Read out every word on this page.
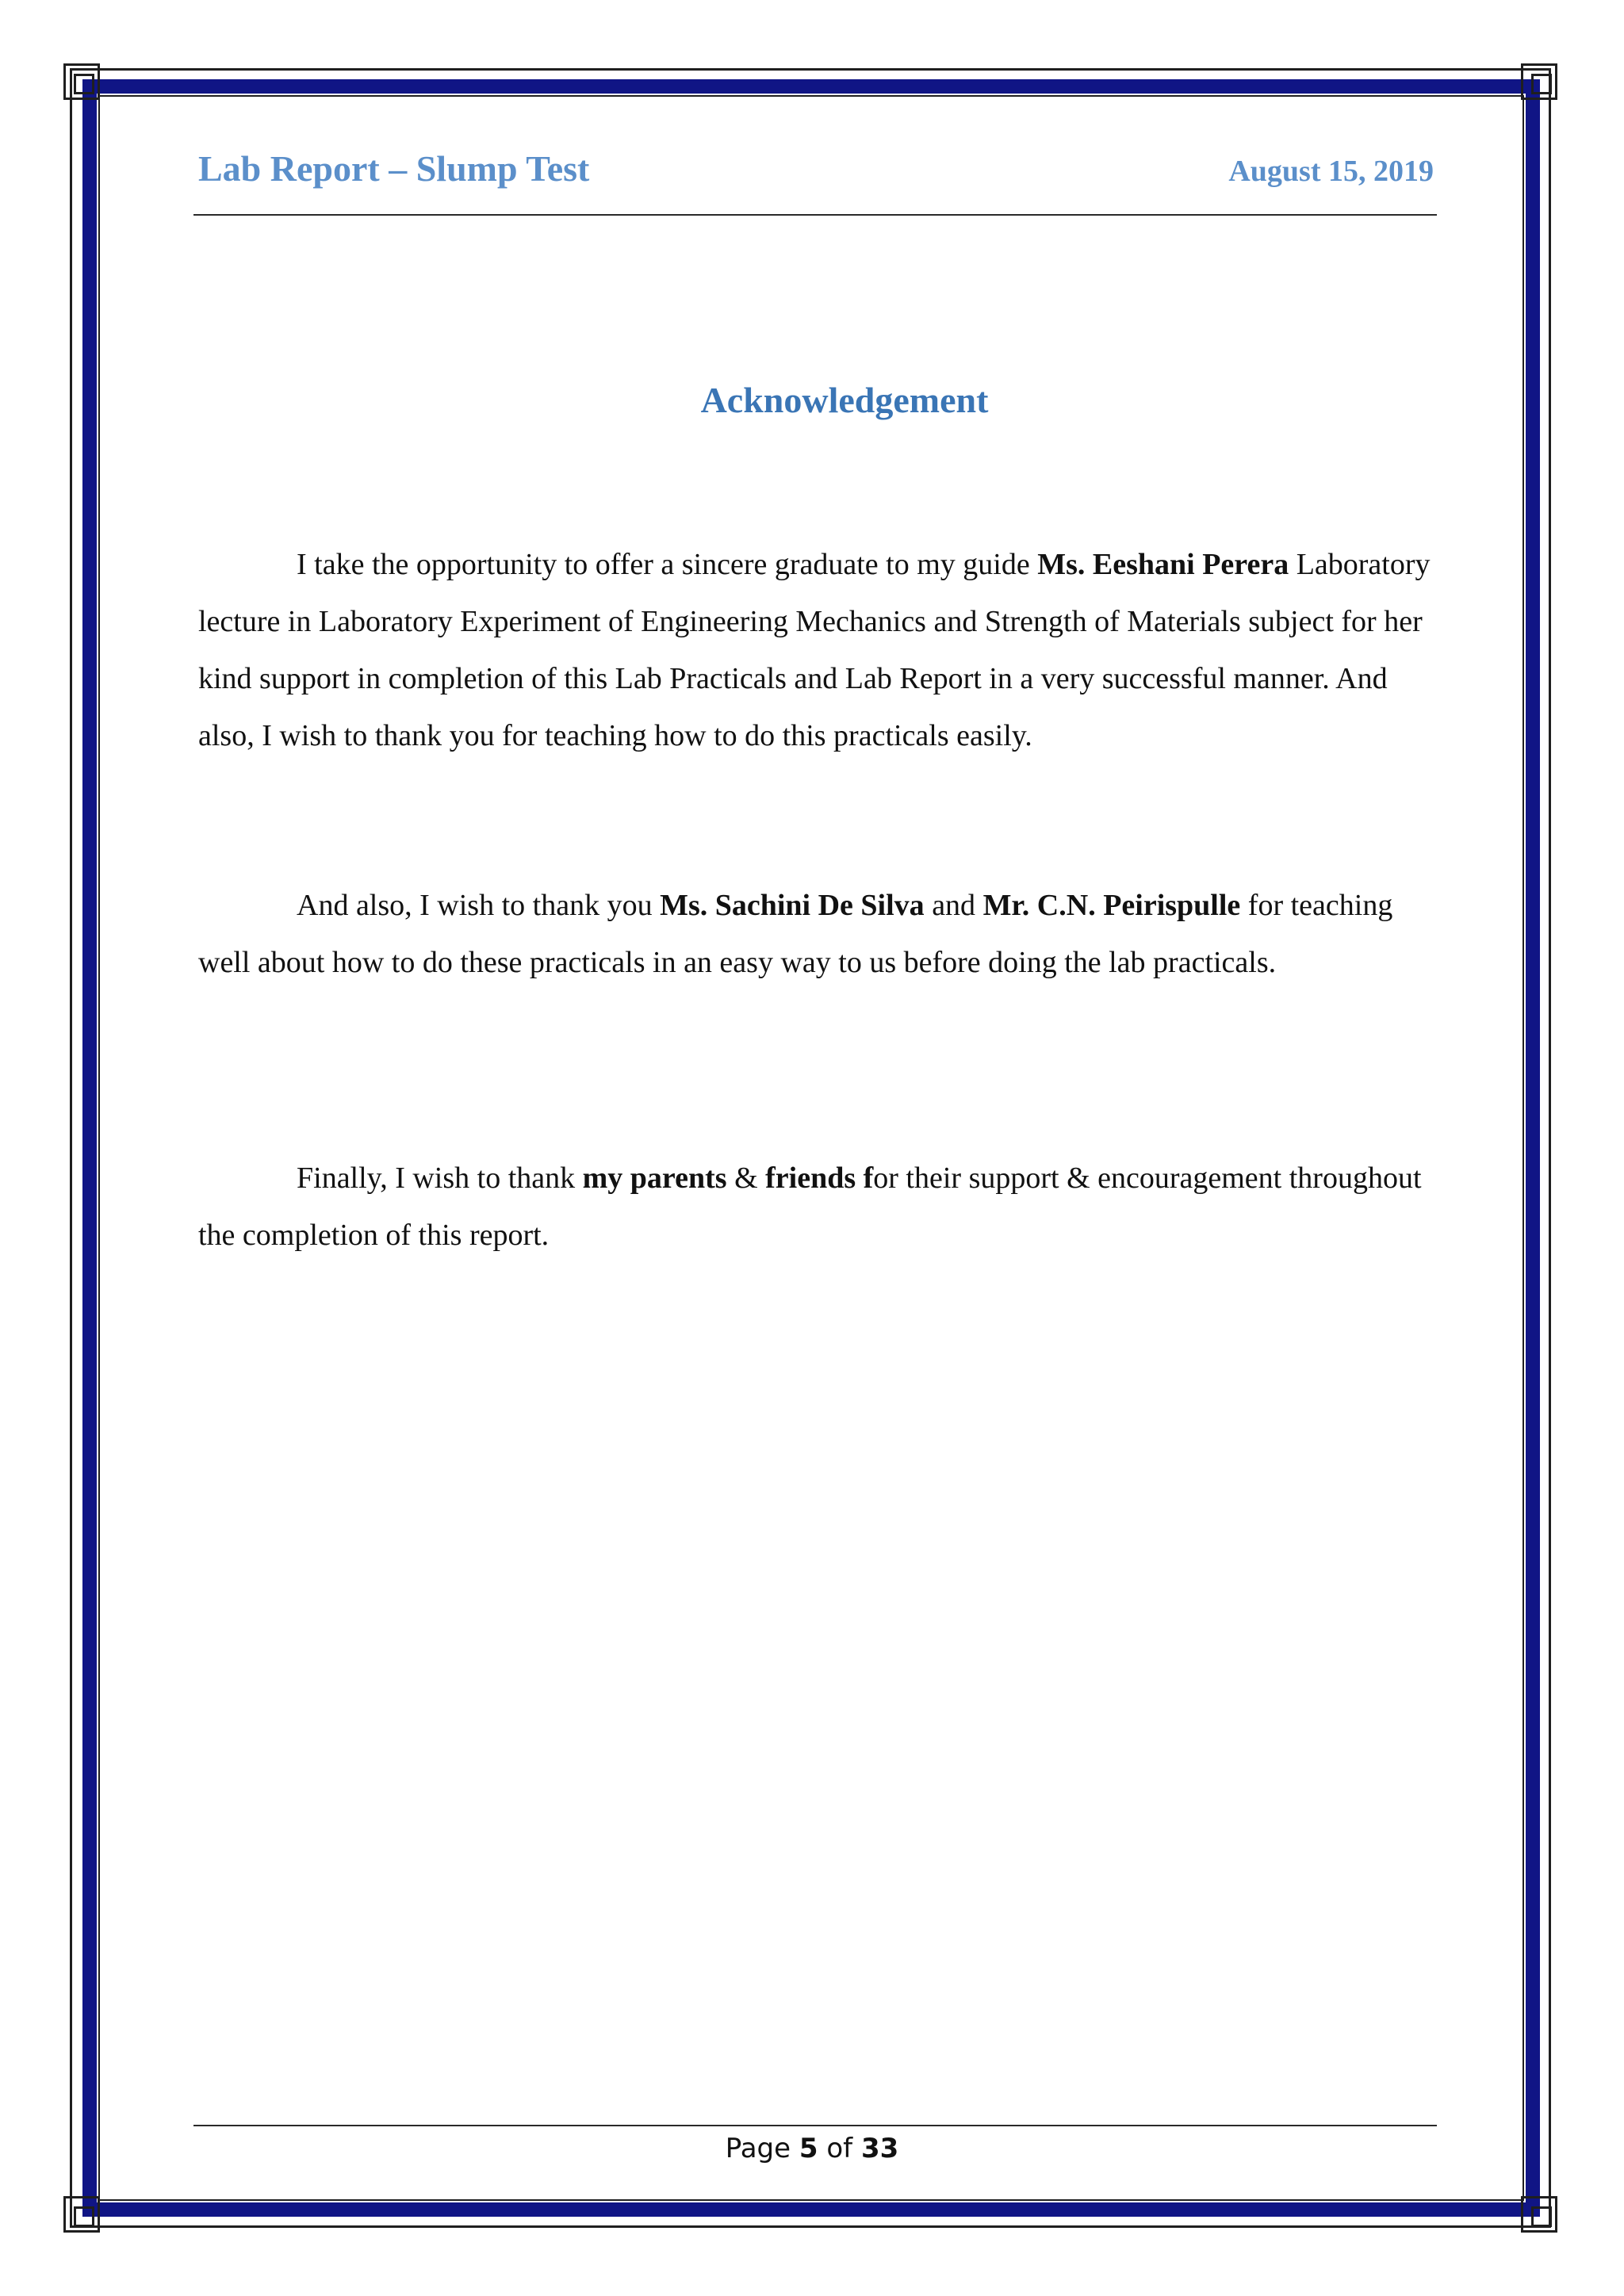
Lab Report – Slump Test	August 15, 2019
Acknowledgement

I take the opportunity to offer a sincere graduate to my guide Ms. Eeshani Perera Laboratory lecture in Laboratory Experiment of Engineering Mechanics and Strength of Materials subject for her kind support in completion of this Lab Practicals and Lab Report in a very successful manner. And also, I wish to thank you for teaching how to do this practicals easily.

And also, I wish to thank you Ms. Sachini De Silva and Mr. C.N. Peirispulle for teaching well about how to do these practicals in an easy way to us before doing the lab practicals.

Finally, I wish to thank my parents & friends for their support & encouragement throughout the completion of this report.

Page 5 of 33
